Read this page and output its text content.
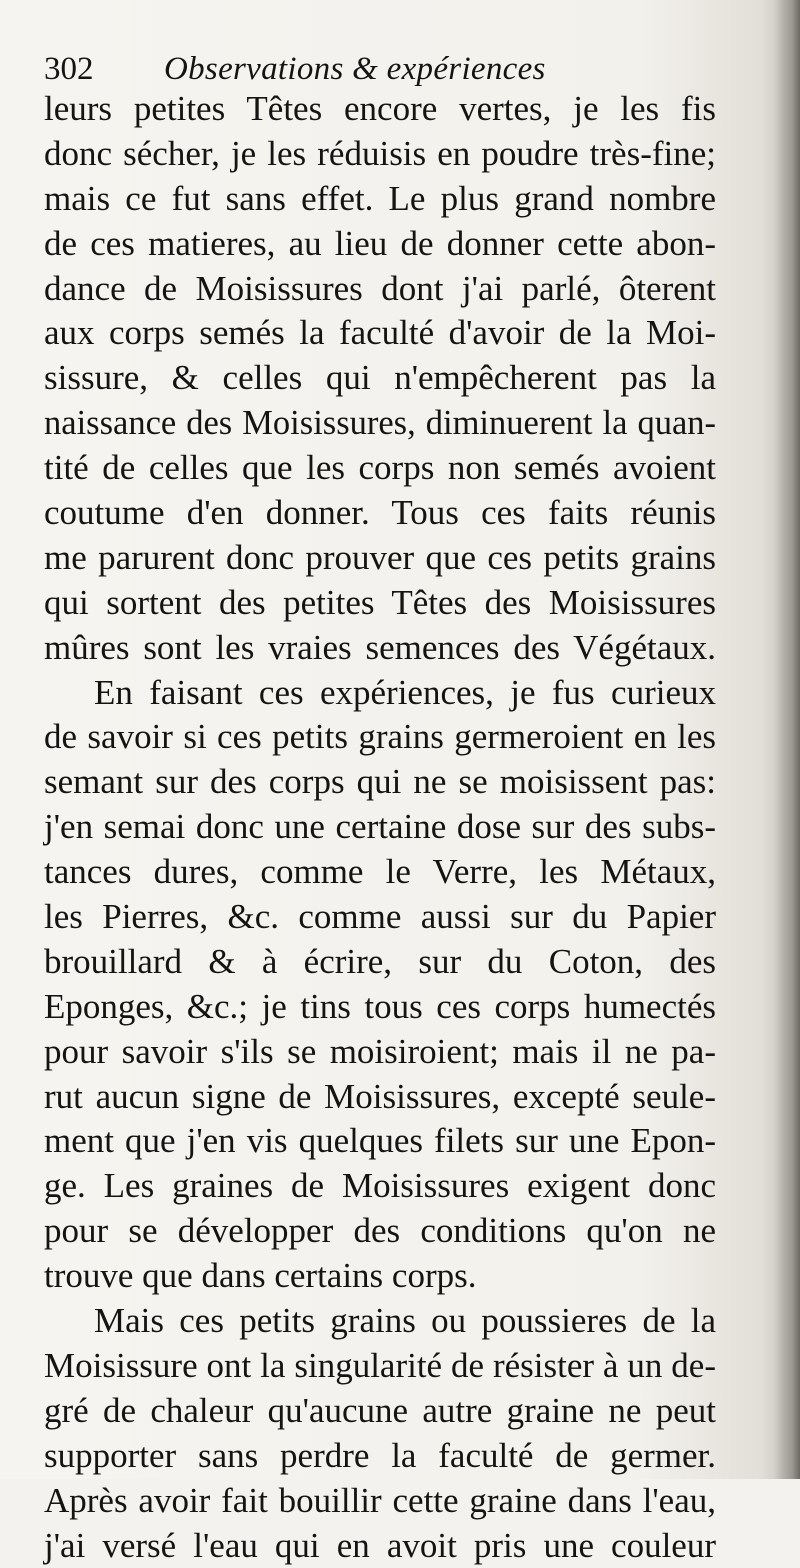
302 Observations & expériences
leurs petites Têtes encore vertes, je les fis
donc sécher, je les réduisis en poudre très-fine;
mais ce fut sans effet. Le plus grand nombre
de ces matieres, au lieu de donner cette abon-
dance de Moisissures dont j'ai parlé, ôterent
aux corps semés la faculté d'avoir de la Moi-
sissure, & celles qui n'empêcherent pas la
naissance des Moisissures, diminuerent la quan-
tité de celles que les corps non semés avoient
coutume d'en donner. Tous ces faits réunis
me parurent donc prouver que ces petits grains
qui sortent des petites Têtes des Moisissures
mûres sont les vraies semences des Végétaux.
En faisant ces expériences, je fus curieux
de savoir si ces petits grains germeroient en les
semant sur des corps qui ne se moisissent pas:
j'en semai donc une certaine dose sur des subs-
tances dures, comme le Verre, les Métaux,
les Pierres, &c. comme aussi sur du Papier
brouillard & à écrire, sur du Coton, des
Eponges, &c.; je tins tous ces corps humectés
pour savoir s'ils se moisiroient; mais il ne pa-
rut aucun signe de Moisissures, excepté seule-
ment que j'en vis quelques filets sur une Epon-
ge. Les graines de Moisissures exigent donc
pour se développer des conditions qu'on ne
trouve que dans certains corps.
Mais ces petits grains ou poussieres de la
Moisissure ont la singularité de résister à un de-
gré de chaleur qu'aucune autre graine ne peut
supporter sans perdre la faculté de germer.
Après avoir fait bouillir cette graine dans l'eau,
j'ai versé l'eau qui en avoit pris une couleur
